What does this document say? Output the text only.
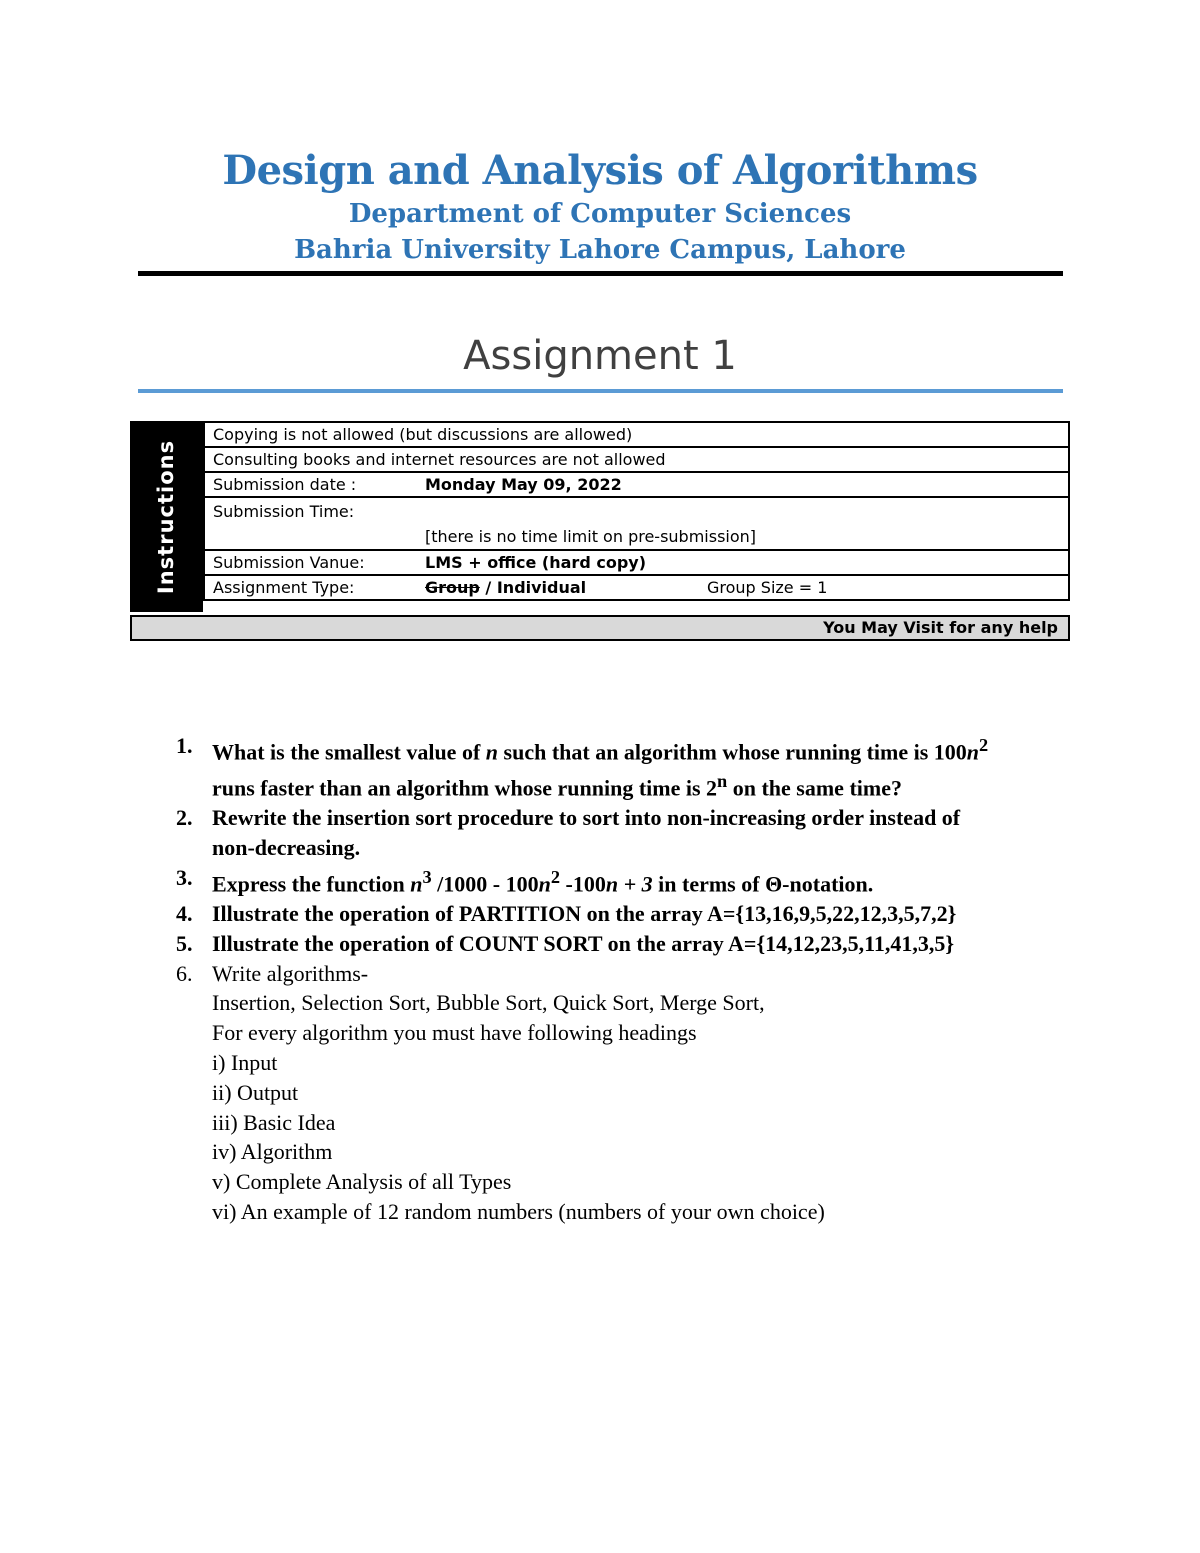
Design and Analysis of Algorithms
Department of Computer Sciences
Bahria University Lahore Campus, Lahore
Assignment 1
Instructions
Copying is not allowed (but discussions are allowed)
Consulting books and internet resources are not allowed
Submission date :	Monday May 09, 2022
Submission Time:
[there is no time limit on pre-submission]

Submission Vanue:	LMS + office (hard copy)
Assignment Type:	Group / Individual	Group Size = 1
You May Visit for any help
1. What is the smallest value of n such that an algorithm whose running time is $100n^2$
runs faster than an algorithm whose running time is 2$^n$ on the same time?
2. Rewrite the insertion sort procedure to sort into non-increasing order instead of
non-decreasing.
3. Express the function $n^3$ $/1000 - 100n^2$ -100n + 3 in terms of Θ-notation.
4. Illustrate the operation of PARTITION on the array A={13,16,9,5,22,12,3,5,7,2}
5. Illustrate the operation of COUNT SORT on the array A={14,12,23,5,11,41,3,5}
6. Write algorithms-
Insertion, Selection Sort, Bubble Sort, Quick Sort, Merge Sort,
For every algorithm you must have following headings
i) Input
ii) Output
iii) Basic Idea
iv) Algorithm
v) Complete Analysis of all Types
vi) An example of 12 random numbers (numbers of your own choice)
